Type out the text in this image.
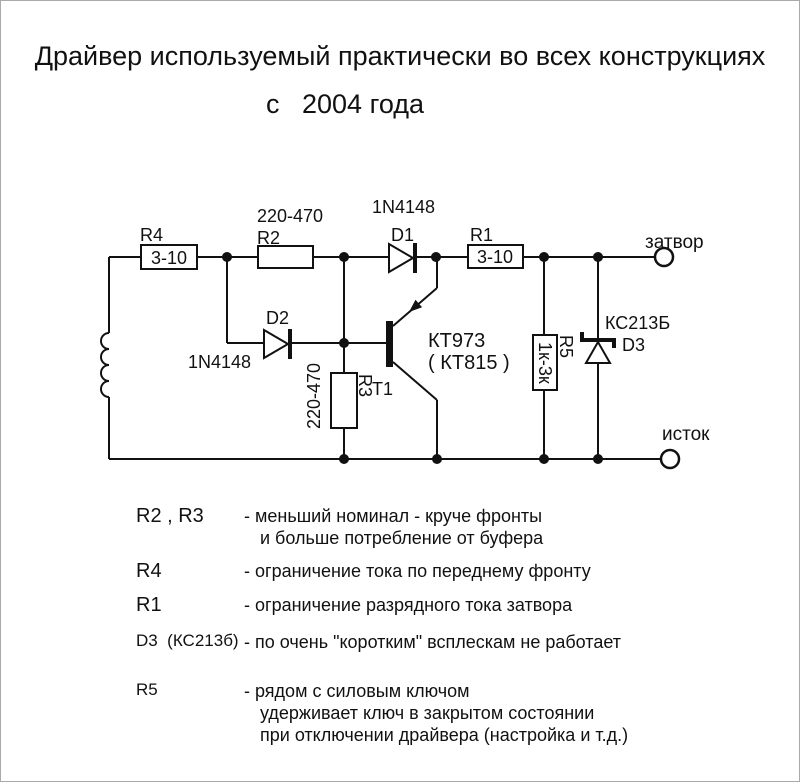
Драйвер используемый практически во всех конструкциях
с   2004 года
R4
3-10
220-470
R2
1N4148
D1	R1
3-10
затвор
исток
D2
1N4148
КТ973
( КТ815 )
T1
220-470 R3
1к-3к R5
КС213Б
D3
R2 , R3 - меньший номинал - круче фронты
и больше потребление от буфера
R4	- ограничение тока по переднему фронту
R1	- ограничение разрядного тока затвора
D3  (КС213б) - по очень "коротким" всплескам не работает
R5	- рядом с силовым ключом
удерживает ключ в закрытом состоянии
при отключении драйвера (настройка и т.д.)
